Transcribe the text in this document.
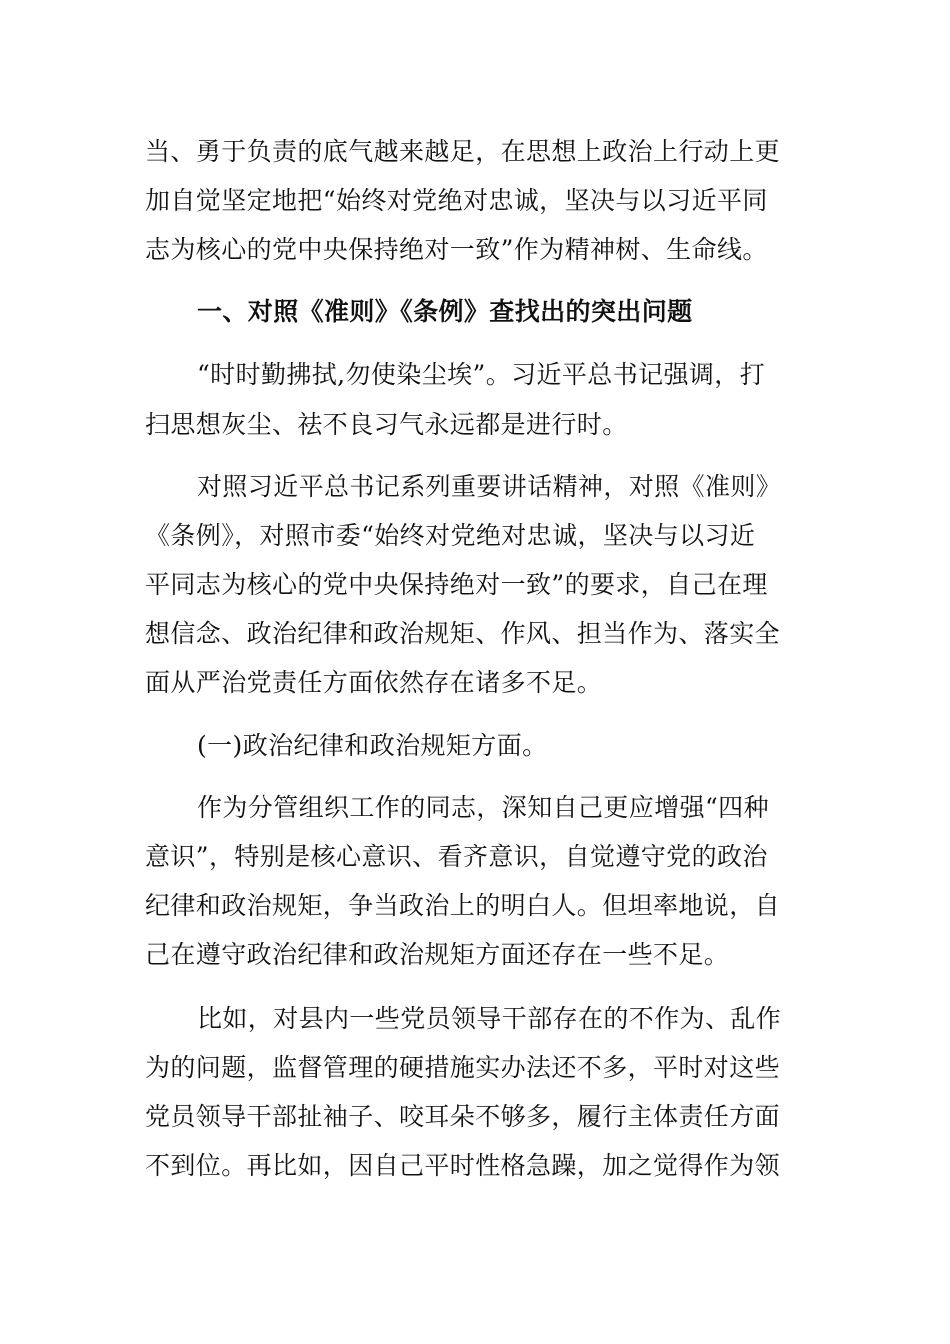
当、勇于负责的底气越来越足，在思想上政治上行动上更
加自觉坚定地把“始终对党绝对忠诚，坚决与以习近平同
志为核心的党中央保持绝对一致”作为精神树、生命线。
一、对照《准则》《条例》查找出的突出问题
“时时勤拂拭,勿使染尘埃”。习近平总书记强调，打
扫思想灰尘、祛不良习气永远都是进行时。
对照习近平总书记系列重要讲话精神，对照《准则》
《条例》，对照市委“始终对党绝对忠诚，坚决与以习近
平同志为核心的党中央保持绝对一致”的要求，自己在理
想信念、政治纪律和政治规矩、作风、担当作为、落实全
面从严治党责任方面依然存在诸多不足。
(一)政治纪律和政治规矩方面。
作为分管组织工作的同志，深知自己更应增强“四种
意识”，特别是核心意识、看齐意识，自觉遵守党的政治
纪律和政治规矩，争当政治上的明白人。但坦率地说，自
己在遵守政治纪律和政治规矩方面还存在一些不足。
比如，对县内一些党员领导干部存在的不作为、乱作
为的问题，监督管理的硬措施实办法还不多，平时对这些
党员领导干部扯袖子、咬耳朵不够多，履行主体责任方面
不到位。再比如，因自己平时性格急躁，加之觉得作为领
